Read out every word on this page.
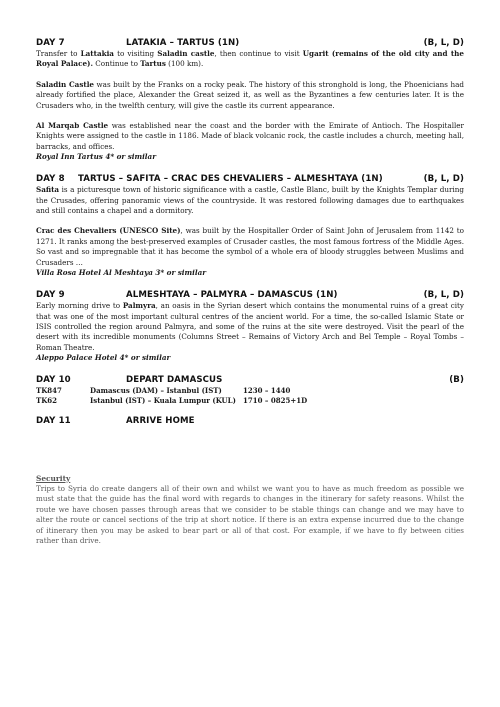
DAY 7	LATAKIA – TARTUS (1N)	(B, L, D)

Transfer to Lattakia to visiting Saladin castle, then continue to visit Ugarit (remains of the old city and the Royal Palace). Continue to Tartus (100 km).

Saladin Castle was built by the Franks on a rocky peak. The history of this stronghold is long, the Phoenicians had already fortified the place, Alexander the Great seized it, as well as the Byzantines a few centuries later. It is the Crusaders who, in the twelfth century, will give the castle its current appearance.

Al Marqab Castle was established near the coast and the border with the Emirate of Antioch. The Hospitaller Knights were assigned to the castle in 1186. Made of black volcanic rock, the castle includes a church, meeting hall, barracks, and offices.

Royal Inn Tartus 4* or similar
DAY 8	TARTUS – SAFITA – CRAC DES CHEVALIERS – ALMESHTAYA (1N)	(B, L, D)

Safita is a picturesque town of historic significance with a castle, Castle Blanc, built by the Knights Templar during the Crusades, offering panoramic views of the countryside. It was restored following damages due to earthquakes and still contains a chapel and a dormitory.

Crac des Chevaliers (UNESCO Site), was built by the Hospitaller Order of Saint John of Jerusalem from 1142 to 1271. It ranks among the best-preserved examples of Crusader castles, the most famous fortress of the Middle Ages. So vast and so impregnable that it has become the symbol of a whole era of bloody struggles between Muslims and Crusaders …

Villa Rosa Hotel Al Meshtaya 3* or similar
DAY 9	ALMESHTAYA – PALMYRA – DAMASCUS (1N)	(B, L, D)

Early morning drive to Palmyra, an oasis in the Syrian desert which contains the monumental ruins of a great city that was one of the most important cultural centres of the ancient world. For a time, the so-called Islamic State or ISIS controlled the region around Palmyra, and some of the ruins at the site were destroyed. Visit the pearl of the desert with its incredible monuments (Columns Street – Remains of Victory Arch and Bel Temple – Royal Tombs – Roman Theatre.

Aleppo Palace Hotel 4* or similar
DAY 10	DEPART DAMASCUS	(B)
TK847	Damascus (DAM) – Istanbul (IST)	1230 – 1440
TK62	Istanbul (IST) – Kuala Lumpur (KUL)	1710 – 0825+1D
DAY 11	ARRIVE HOME
Security

Trips to Syria do create dangers all of their own and whilst we want you to have as much freedom as possible we must state that the guide has the final word with regards to changes in the itinerary for safety reasons. Whilst the route we have chosen passes through areas that we consider to be stable things can change and we may have to alter the route or cancel sections of the trip at short notice. If there is an extra expense incurred due to the change of itinerary then you may be asked to bear part or all of that cost. For example, if we have to fly between cities rather than drive.
